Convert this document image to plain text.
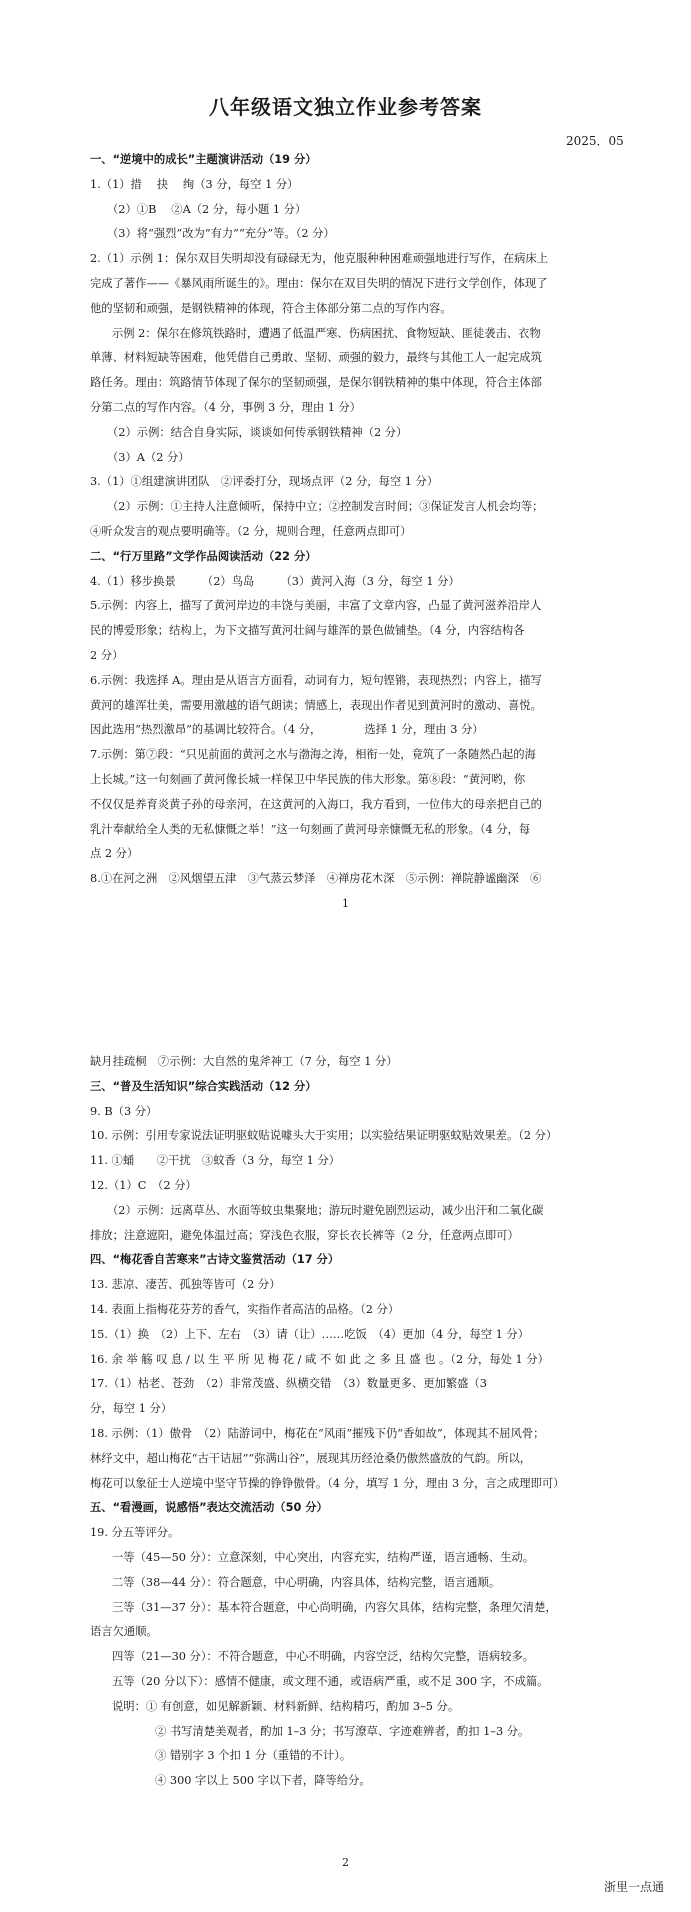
八年级语文独立作业参考答案
2025．05

一、“逆境中的成长”主题演讲活动（19 分）

1.（1）措　 抉　 绚（3 分，每空 1 分）

（2）①B　 ②A（2 分，每小题 1 分）

（3）将“强烈”改为“有力”“充分”等。（2 分）

2.（1）示例 1：保尔双目失明却没有碌碌无为，他克服种种困难顽强地进行写作，在病床上

完成了著作——《暴风雨所诞生的》。理由：保尔在双目失明的情况下进行文学创作，体现了

他的坚韧和顽强，是钢铁精神的体现，符合主体部分第二点的写作内容。

示例 2：保尔在修筑铁路时，遭遇了低温严寒、伤病困扰、食物短缺、匪徒袭击、衣物

单薄、材料短缺等困难，他凭借自己勇敢、坚韧、顽强的毅力，最终与其他工人一起完成筑

路任务。理由：筑路情节体现了保尔的坚韧顽强，是保尔钢铁精神的集中体现，符合主体部

分第二点的写作内容。（4 分，事例 3 分，理由 1 分）

（2）示例：结合自身实际，谈谈如何传承钢铁精神（2 分）

（3）A（2 分）

3.（1）①组建演讲团队　②评委打分，现场点评（2 分，每空 1 分）

（2）示例：①主持人注意倾听，保持中立；②控制发言时间；③保证发言人机会均等；

④听众发言的观点要明确等。（2 分，规则合理，任意两点即可）

二、“行万里路”文学作品阅读活动（22 分）

4.（1）移步换景　　 （2）鸟岛　　 （3）黄河入海（3 分，每空 1 分）

5.示例：内容上，描写了黄河岸边的丰饶与美丽，丰富了文章内容，凸显了黄河滋养沿岸人

民的博爱形象；结构上，为下文描写黄河壮阔与雄浑的景色做铺垫。（4 分，内容结构各

2 分）

6.示例：我选择 A。理由是从语言方面看，动词有力，短句铿锵，表现热烈；内容上，描写

黄河的雄浑壮美，需要用激越的语气朗读；情感上，表现出作者见到黄河时的激动、喜悦。

因此选用“热烈激昂”的基调比较符合。（4 分，　　　　 选择 1 分，理由 3 分）

7.示例：第⑦段：“只见前面的黄河之水与渤海之涛，相衔一处，竟筑了一条随然凸起的海

上长城。”这一句刻画了黄河像长城一样保卫中华民族的伟大形象。第⑧段：“黄河哟，你

不仅仅是养育炎黄子孙的母亲河，在这黄河的入海口，我方看到，一位伟大的母亲把自己的

乳汁奉献给全人类的无私慷慨之举！”这一句刻画了黄河母亲慷慨无私的形象。（4 分，每

点 2 分）

8.①在河之洲　②风烟望五津　③气蒸云梦泽　④禅房花木深　⑤示例：禅院静谧幽深　⑥

1

缺月挂疏桐　⑦示例：大自然的鬼斧神工（7 分，每空 1 分）

三、“普及生活知识”综合实践活动（12 分）

9. B（3 分）

10. 示例：引用专家说法证明驱蚊贴说噱头大于实用；以实验结果证明驱蚊贴效果差。（2 分）

11. ①蛹　　②干扰　③蚊香（3 分，每空 1 分）

12.（1）C　（2 分）

（2）示例：远离草丛、水面等蚊虫集聚地；游玩时避免剧烈运动，减少出汗和二氧化碳

排放；注意遮阳，避免体温过高；穿浅色衣服，穿长衣长裤等（2 分，任意两点即可）

四、“梅花香自苦寒来”古诗文鉴赏活动（17 分）

13. 悲凉、凄苦、孤独等皆可（2 分）

14. 表面上指梅花芬芳的香气，实指作者高洁的品格。（2 分）

15.（1）换　（2）上下、左右　（3）请（让）……吃饭　（4）更加（4 分，每空 1 分）

16. 余 举 觞 叹 息 / 以 生 平 所 见 梅 花 / 咸 不 如 此 之 多 且 盛 也 。（2 分，每处 1 分）

17.（1）枯老、苍劲　（2）非常茂盛、纵横交错　（3）数量更多、更加繁盛（3

分，每空 1 分）

18. 示例：（1）傲骨　（2）陆游词中，梅花在“风雨”摧残下仍“香如故”，体现其不屈风骨；

林纾文中，超山梅花“古干诘屈”“弥满山谷”，展现其历经沧桑仍傲然盛放的气韵。所以，

梅花可以象征士人逆境中坚守节操的铮铮傲骨。（4 分，填写 1 分，理由 3 分，言之成理即可）

五、“看漫画，说感悟”表达交流活动（50 分）

19. 分五等评分。

一等（45—50 分）：立意深刻，中心突出，内容充实，结构严谨，语言通畅、生动。

二等（38—44 分）：符合题意，中心明确，内容具体，结构完整，语言通顺。

三等（31—37 分）：基本符合题意，中心尚明确，内容欠具体，结构完整，条理欠清楚，

语言欠通顺。

四等（21—30 分）：不符合题意，中心不明确，内容空泛，结构欠完整，语病较多。

五等（20 分以下）：感情不健康，或文理不通，或语病严重，或不足 300 字，不成篇。

说明：① 有创意，如见解新颖、材料新鲜、结构精巧，酌加 3–5 分。

② 书写清楚美观者，酌加 1–3 分；书写潦草、字迹难辨者，酌扣 1–3 分。

③ 错别字 3 个扣 1 分（重错的不计）。

④ 300 字以上 500 字以下者，降等给分。

2
浙里一点通
